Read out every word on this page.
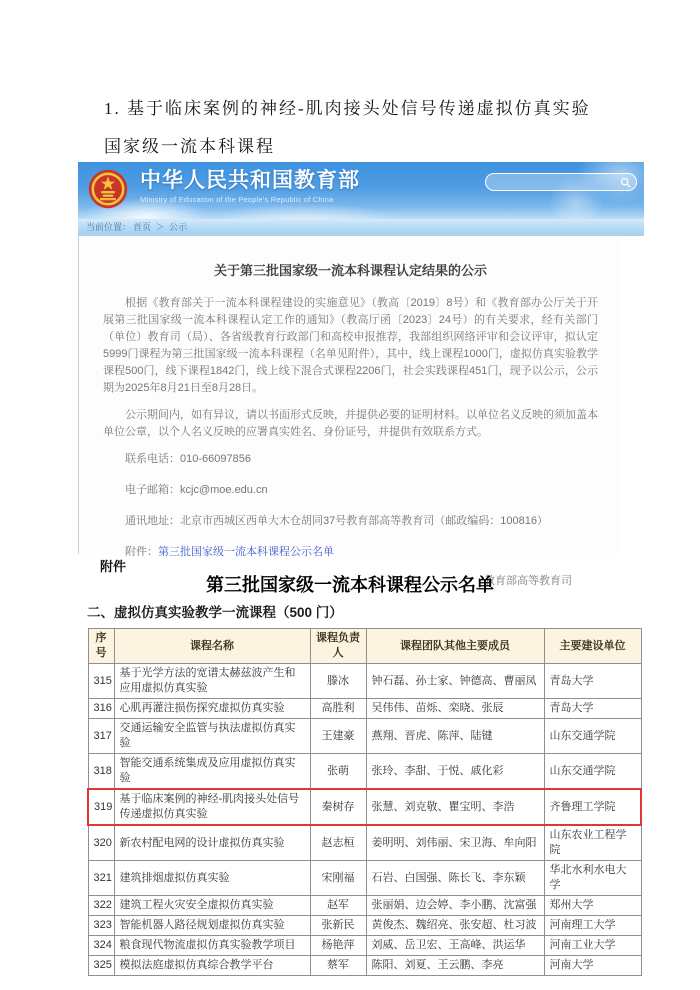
1. 基于临床案例的神经-肌肉接头处信号传递虚拟仿真实验
国家级一流本科课程
中华人民共和国教育部
Ministry of Education of the People's Republic of China
当前位置： 首页 ＞ 公示
关于第三批国家级一流本科课程认定结果的公示

根据《教育部关于一流本科课程建设的实施意见》（教高〔2019〕8号）和《教育部办公厅关于开展第三批国家级一流本科课程认定工作的通知》（教高厅函〔2023〕24号）的有关要求，经有关部门（单位）教育司（局）、各省级教育行政部门和高校申报推荐，我部组织网络评审和会议评审，拟认定5999门课程为第三批国家级一流本科课程（名单见附件），其中，线上课程1000门，虚拟仿真实验教学课程500门，线下课程1842门，线上线下混合式课程2206门，社会实践课程451门，现予以公示，公示期为2025年8月21日至8月28日。

公示期间内，如有异议，请以书面形式反映，并提供必要的证明材料。以单位名义反映的须加盖本单位公章，以个人名义反映的应署真实姓名、身份证号，并提供有效联系方式。

联系电话：010-66097856
电子邮箱：kcjc@moe.edu.cn
通讯地址：北京市西城区西单大木仓胡同37号教育部高等教育司（邮政编码：100816）
附件：第三批国家级一流本科课程公示名单
教育部高等教育司
附件
第三批国家级一流本科课程公示名单
二、虚拟仿真实验教学一流课程（500 门）
序号	课程名称	课程负责人	课程团队其他主要成员	主要建设单位
315	基于光学方法的宽谱太赫兹波产生和应用虚拟仿真实验	滕冰	钟石磊、孙士家、钟德高、曹丽凤	青岛大学
316	心肌再灌注损伤探究虚拟仿真实验	高胜利	吴伟伟、苗烁、栾晓、张辰	青岛大学
317	交通运输安全监管与执法虚拟仿真实验	王建豪	燕翔、晋虎、陈萍、陆键	山东交通学院
318	智能交通系统集成及应用虚拟仿真实验	张萌	张玲、李甜、于悦、戚化彩	山东交通学院
319	基于临床案例的神经-肌肉接头处信号传递虚拟仿真实验	秦树存	张慧、刘克敬、瞿宝明、李浩	齐鲁理工学院
320	新农村配电网的设计虚拟仿真实验	赵志桓	姜明明、刘伟丽、宋卫海、牟向阳	山东农业工程学院
321	建筑排烟虚拟仿真实验	宋刚福	石岩、白国强、陈长飞、李东颖	华北水利水电大学
322	建筑工程火灾安全虚拟仿真实验	赵军	张丽娟、边会婷、李小鹏、沈富强	郑州大学
323	智能机器人路径规划虚拟仿真实验	张新民	黄俊杰、魏绍亮、张安超、杜习波	河南理工大学
324	粮食现代物流虚拟仿真实验教学项目	杨艳萍	刘威、岳卫宏、王高峰、洪运华	河南工业大学
325	模拟法庭虚拟仿真综合教学平台	蔡军	陈阳、刘夏、王云鹏、李亮	河南大学
